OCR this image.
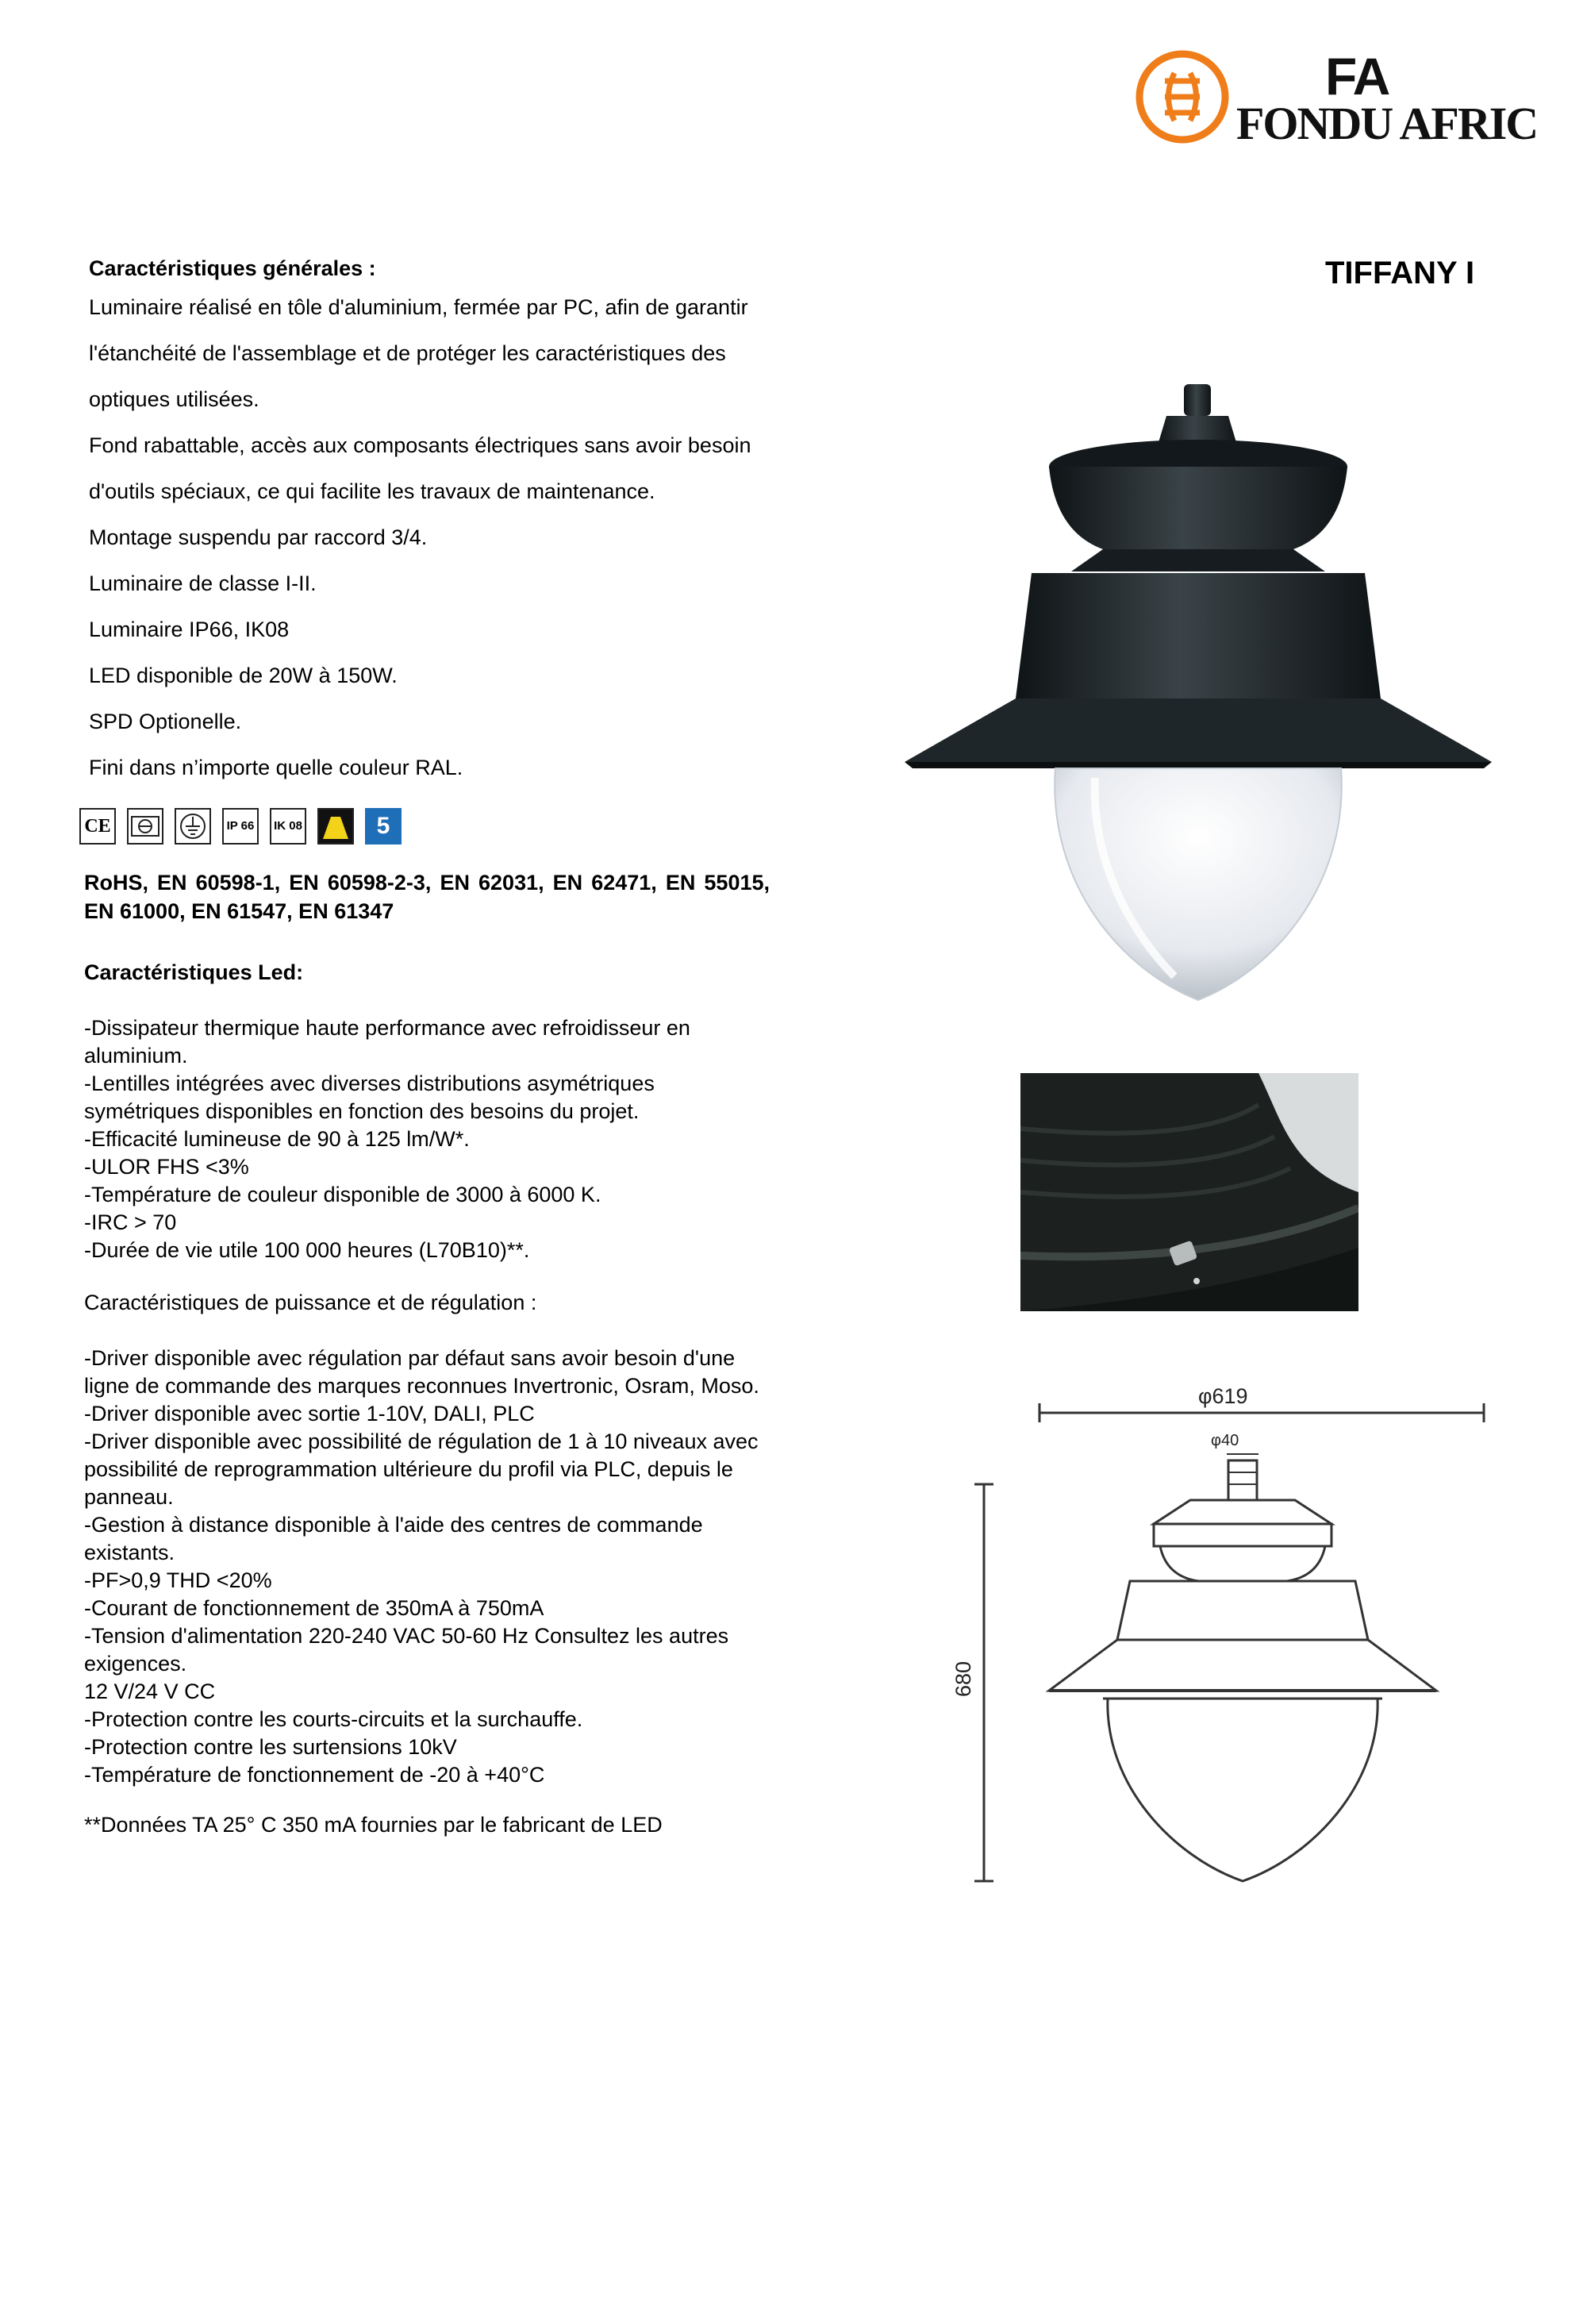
FA
FONDU AFRIC
TIFFANY I
Caractéristiques générales :
Luminaire réalisé en tôle d'aluminium, fermée par PC, afin de garantir
l'étanchéité de l'assemblage et de protéger les caractéristiques des
optiques utilisées.
Fond rabattable, accès aux composants électriques sans avoir besoin
d'outils spéciaux, ce qui facilite les travaux de maintenance.
Montage suspendu par raccord 3/4.
Luminaire de classe I-II.
Luminaire IP66, IK08
LED disponible de 20W à 150W.
SPD Optionelle.
Fini dans n’importe quelle couleur RAL.
CE	IP 66	IK 08	5
RoHS, EN 60598-1, EN 60598-2-3, EN 62031, EN 62471, EN 55015, EN 61000, EN 61547, EN 61347
Caractéristiques Led:
-Dissipateur thermique haute performance avec refroidisseur en
aluminium.
-Lentilles intégrées avec diverses distributions asymétriques
symétriques disponibles en fonction des besoins du projet.
-Efficacité lumineuse de 90 à 125 lm/W*.
-ULOR FHS <3%
-Température de couleur disponible de 3000 à 6000 K.
-IRC > 70
-Durée de vie utile 100 000 heures (L70B10)**.
Caractéristiques de puissance et de régulation :
-Driver disponible avec régulation par défaut sans avoir besoin d'une
ligne de commande des marques reconnues Invertronic, Osram, Moso.
-Driver disponible avec sortie 1-10V, DALI, PLC
-Driver disponible avec possibilité de régulation de 1 à 10 niveaux avec
possibilité de reprogrammation ultérieure du profil via PLC, depuis le
panneau.
-Gestion à distance disponible à l'aide des centres de commande
existants.
-PF>0,9 THD <20%
-Courant de fonctionnement de 350mA à 750mA
-Tension d'alimentation 220-240 VAC 50-60 Hz Consultez les autres
exigences.
12 V/24 V CC
-Protection contre les courts-circuits et la surchauffe.
-Protection contre les surtensions 10kV
-Température de fonctionnement de -20 à +40°C
**Données TA 25° C 350 mA fournies par le fabricant de LED
φ619
φ40
680
